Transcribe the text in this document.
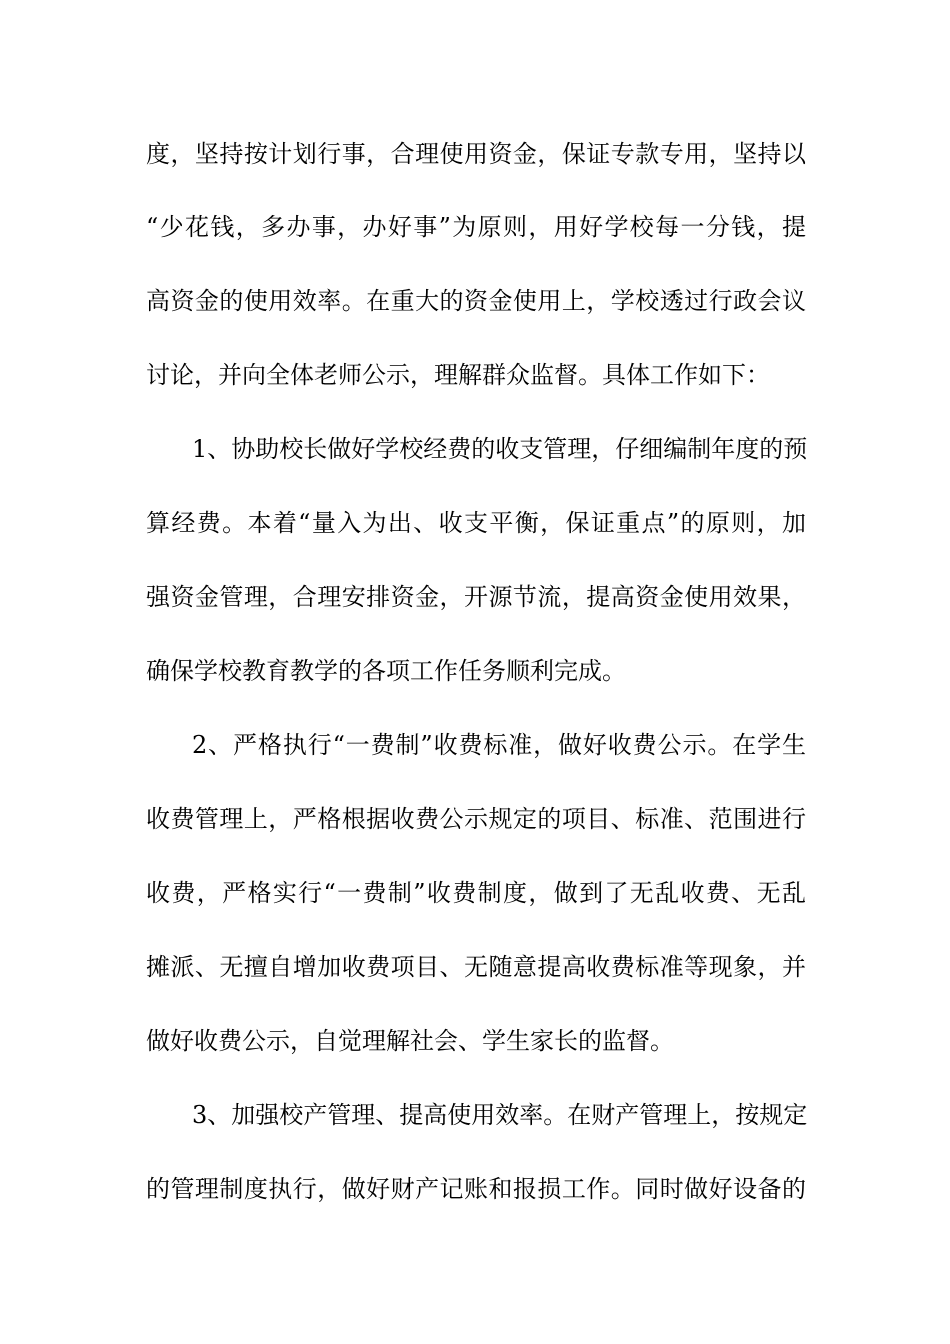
度，坚持按计划行事，合理使用资金，保证专款专用，坚持以
“少花钱，多办事，办好事”为原则，用好学校每一分钱，提
高资金的使用效率。在重大的资金使用上，学校透过行政会议
讨论，并向全体老师公示，理解群众监督。具体工作如下：
1、协助校长做好学校经费的收支管理，仔细编制年度的预
算经费。本着“量入为出、收支平衡，保证重点”的原则，加
强资金管理，合理安排资金，开源节流，提高资金使用效果，
确保学校教育教学的各项工作任务顺利完成。
2、严格执行“一费制”收费标准，做好收费公示。在学生
收费管理上，严格根据收费公示规定的项目、标准、范围进行
收费，严格实行“一费制”收费制度，做到了无乱收费、无乱
摊派、无擅自增加收费项目、无随意提高收费标准等现象，并
做好收费公示，自觉理解社会、学生家长的监督。
3、加强校产管理、提高使用效率。在财产管理上，按规定
的管理制度执行，做好财产记账和报损工作。同时做好设备的
